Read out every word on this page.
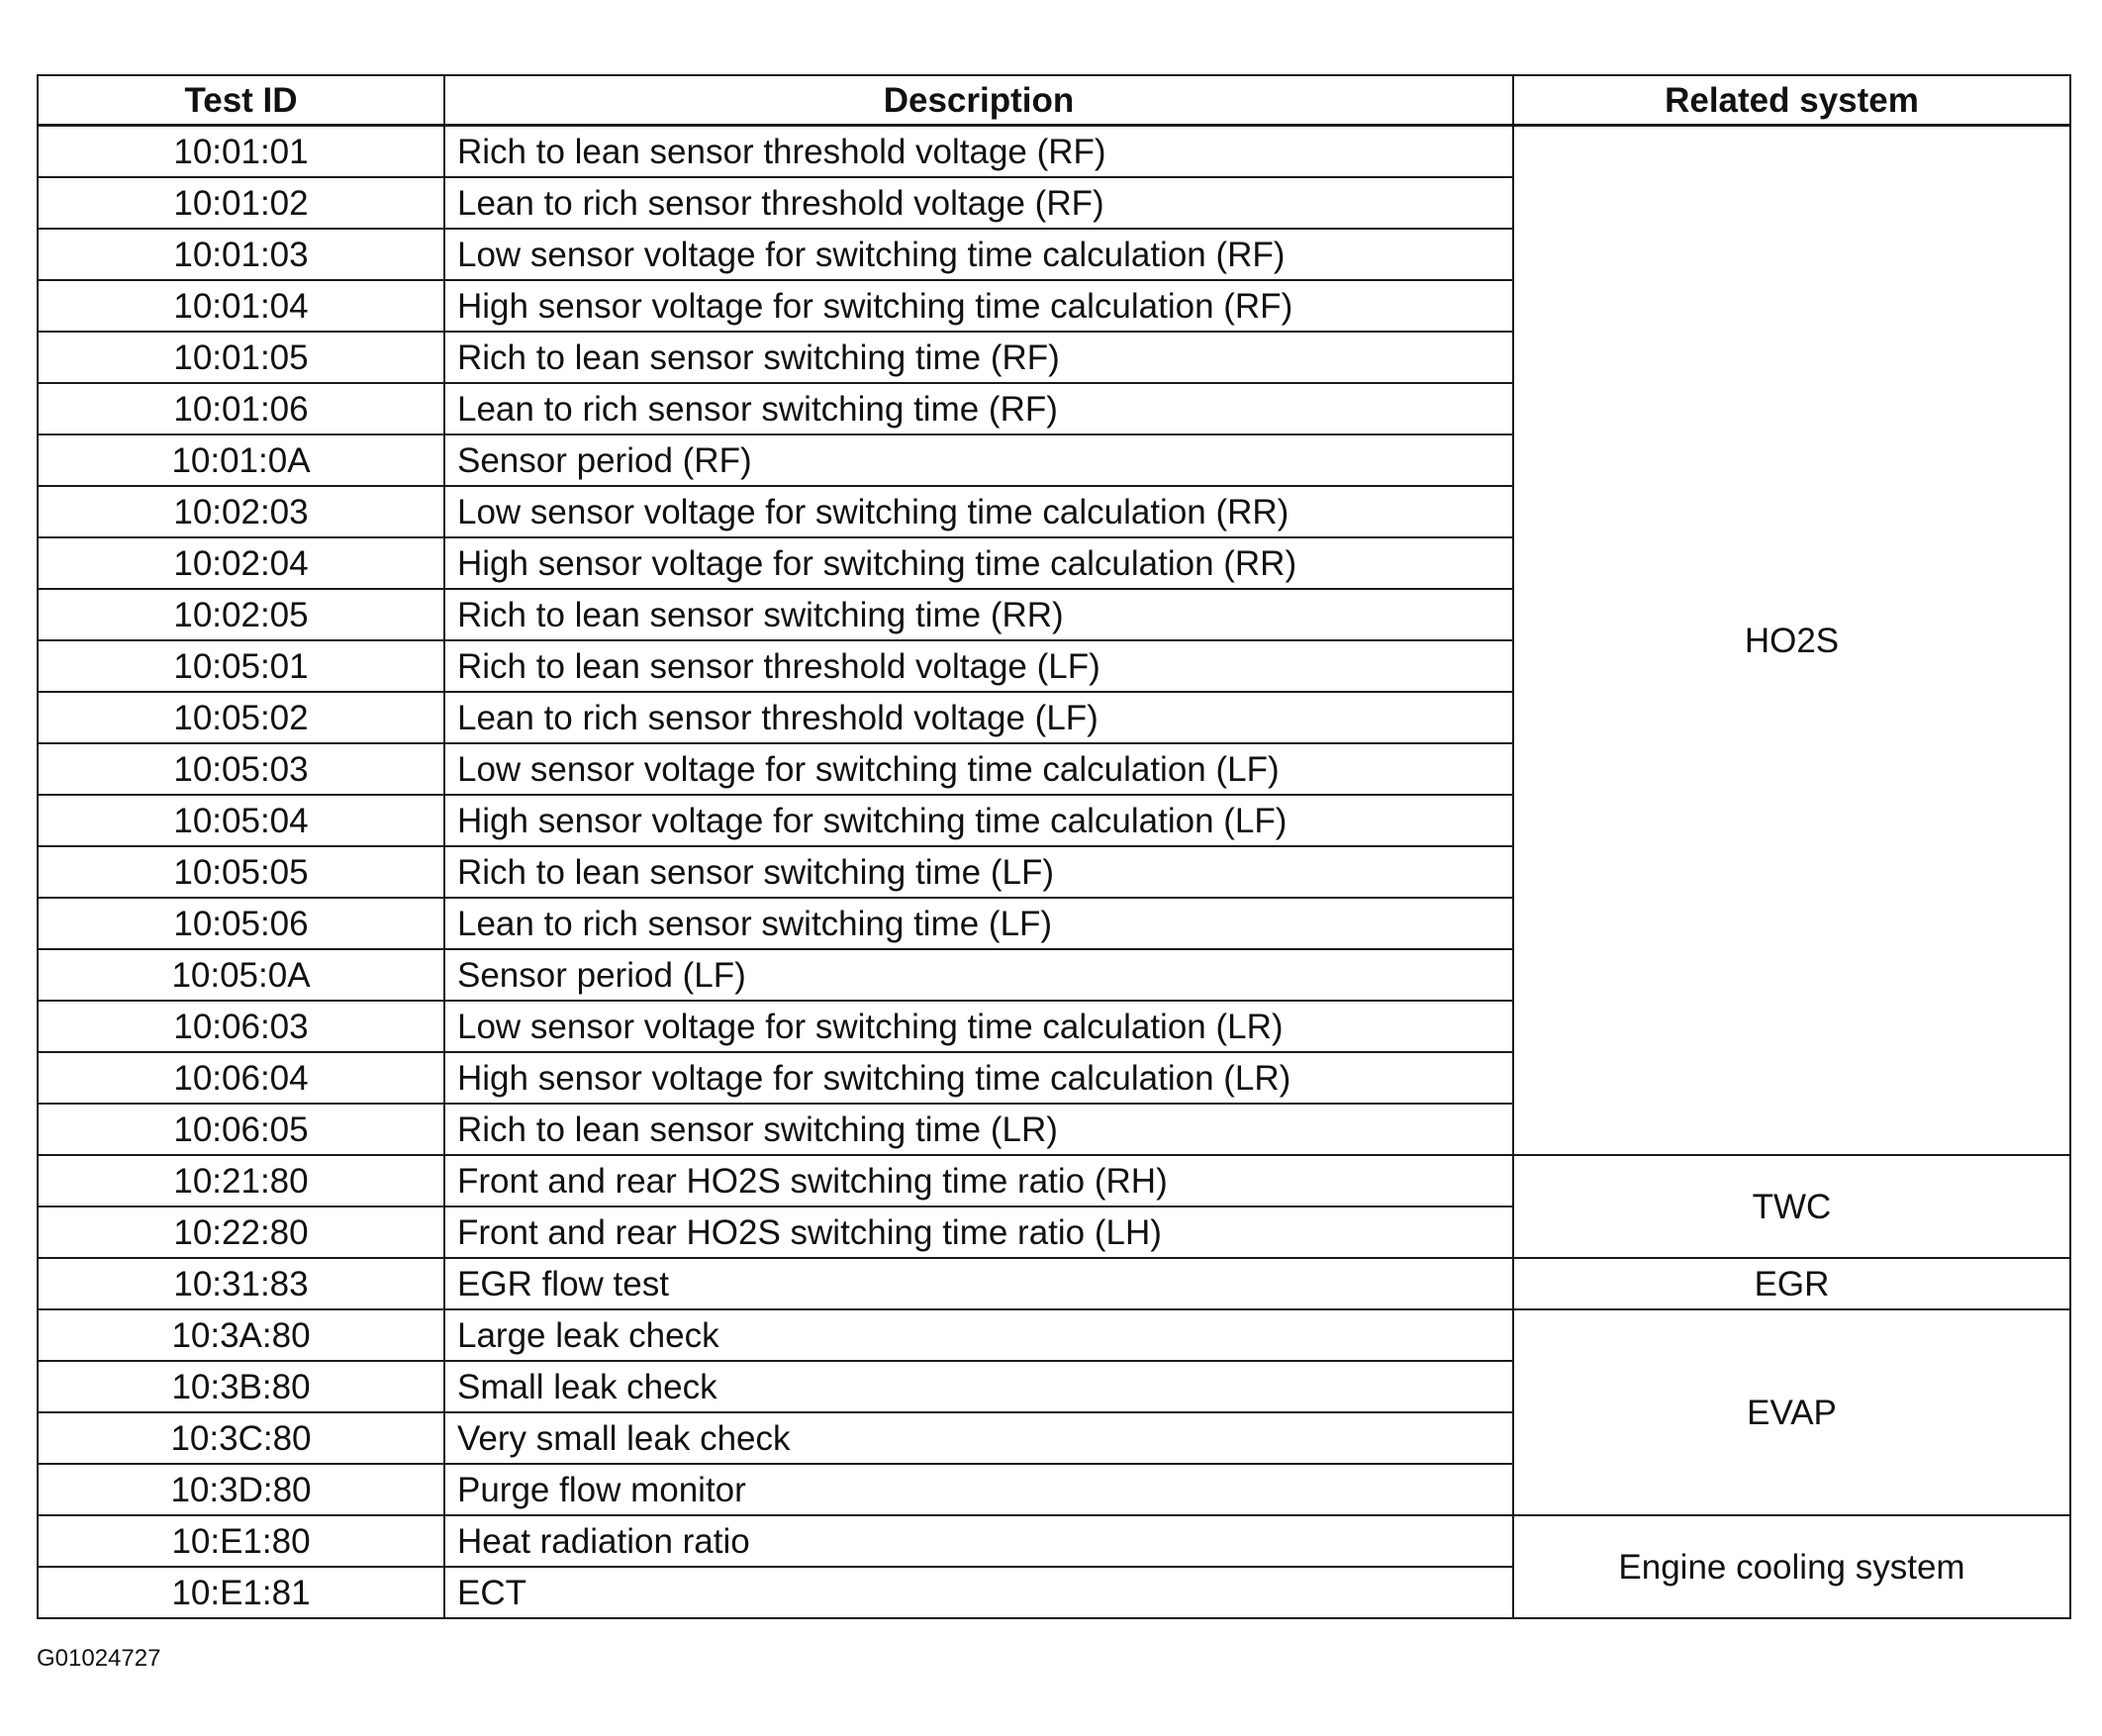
Test ID	Description	Related system
10:01:01	Rich to lean sensor threshold voltage (RF)	HO2S
10:01:02	Lean to rich sensor threshold voltage (RF)	
10:01:03	Low sensor voltage for switching time calculation (RF)	
10:01:04	High sensor voltage for switching time calculation (RF)	
10:01:05	Rich to lean sensor switching time (RF)	
10:01:06	Lean to rich sensor switching time (RF)	
10:01:0A	Sensor period (RF)	
10:02:03	Low sensor voltage for switching time calculation (RR)	
10:02:04	High sensor voltage for switching time calculation (RR)	
10:02:05	Rich to lean sensor switching time (RR)	
10:05:01	Rich to lean sensor threshold voltage (LF)	
10:05:02	Lean to rich sensor threshold voltage (LF)	
10:05:03	Low sensor voltage for switching time calculation (LF)	
10:05:04	High sensor voltage for switching time calculation (LF)	
10:05:05	Rich to lean sensor switching time (LF)	
10:05:06	Lean to rich sensor switching time (LF)	
10:05:0A	Sensor period (LF)	
10:06:03	Low sensor voltage for switching time calculation (LR)	
10:06:04	High sensor voltage for switching time calculation (LR)	
10:06:05	Rich to lean sensor switching time (LR)	
10:21:80	Front and rear HO2S switching time ratio (RH)	TWC
10:22:80	Front and rear HO2S switching time ratio (LH)	
10:31:83	EGR flow test	EGR
10:3A:80	Large leak check	EVAP
10:3B:80	Small leak check	
10:3C:80	Very small leak check	
10:3D:80	Purge flow monitor	
10:E1:80	Heat radiation ratio	Engine cooling system
10:E1:81	ECT	
G01024727
